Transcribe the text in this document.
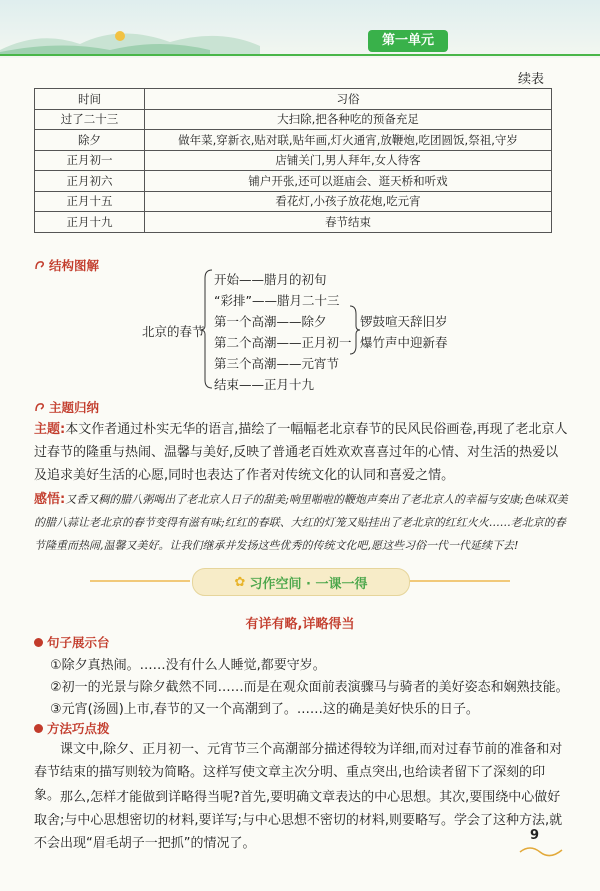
第一单元
续表
时间	习俗
过了二十三	大扫除,把各种吃的预备充足
除夕	做年菜,穿新衣,贴对联,贴年画,灯火通宵,放鞭炮,吃团圆饭,祭祖,守岁
正月初一	店铺关门,男人拜年,女人待客
正月初六	铺户开张,还可以逛庙会、逛天桥和听戏
正月十五	看花灯,小孩子放花炮,吃元宵
正月十九	春节结束
结构图解
北京的春节
开始——腊月的初旬
“彩排”——腊月二十三
第一个高潮——除夕
第二个高潮——正月初一
第三个高潮——元宵节
结束——正月十九
锣鼓喧天辞旧岁
爆竹声中迎新春
主题归纳
主题:本文作者通过朴实无华的语言,描绘了一幅幅老北京春节的民风民俗画卷,再现了老北京人过春节的隆重与热闹、温馨与美好,反映了普通老百姓欢欢喜喜过年的心情、对生活的热爱以及追求美好生活的心愿,同时也表达了作者对传统文化的认同和喜爱之情。
感悟:又香又稠的腊八粥喝出了老北京人日子的甜美;响里啪啦的鞭炮声奏出了老北京人的幸福与安康;色味双美的腊八蒜让老北京的春节变得有滋有味;红红的春联、大红的灯笼又贴挂出了老北京的红红火火……老北京的春节隆重而热闹,温馨又美好。让我们继承并发扬这些优秀的传统文化吧,愿这些习俗一代一代延续下去!
✿ 习作空间 · 一课一得
有详有略,详略得当
句子展示台
①除夕真热闹。……没有什么人睡觉,都要守岁。
②初一的光景与除夕截然不同……而是在观众面前表演骤马与骑者的美好姿态和娴熟技能。
③元宵(汤圆)上市,春节的又一个高潮到了。……这的确是美好快乐的日子。
方法巧点拨
课文中,除夕、正月初一、元宵节三个高潮部分描述得较为详细,而对过春节前的准备和对春节结束的描写则较为简略。这样写使文章主次分明、重点突出,也给读者留下了深刻的印象。 那么,怎样才能做到详略得当呢?首先,要明确文章表达的中心思想。其次,要围绕中心做好取舍;与中心思想密切的材料,要详写;与中心思想不密切的材料,则要略写。学会了这种方法,就不会出现“眉毛胡子一把抓”的情况了。
9
